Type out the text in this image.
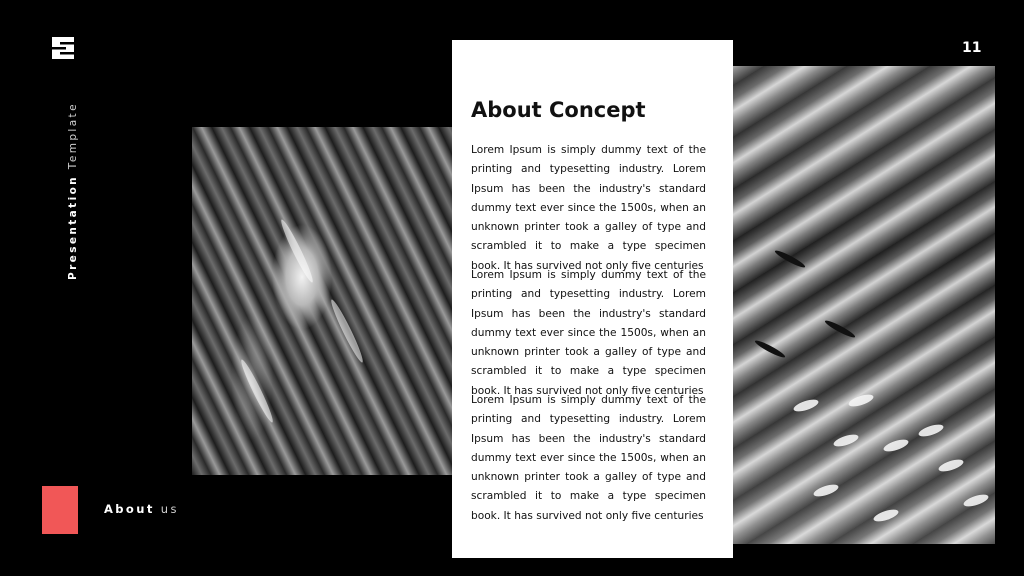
Presentation Template
11
About Concept
Lorem Ipsum is simply dummy text of the printing and typesetting industry. Lorem Ipsum has been the industry's standard dummy text ever since the 1500s, when an unknown printer took a galley of type and scrambled it to make a type specimen book. It has survived not only five centuries
Lorem Ipsum is simply dummy text of the printing and typesetting industry. Lorem Ipsum has been the industry's standard dummy text ever since the 1500s, when an unknown printer took a galley of type and scrambled it to make a type specimen book. It has survived not only five centuries
Lorem Ipsum is simply dummy text of the printing and typesetting industry. Lorem Ipsum has been the industry's standard dummy text ever since the 1500s, when an unknown printer took a galley of type and scrambled it to make a type specimen book. It has survived not only five centuries
About us
